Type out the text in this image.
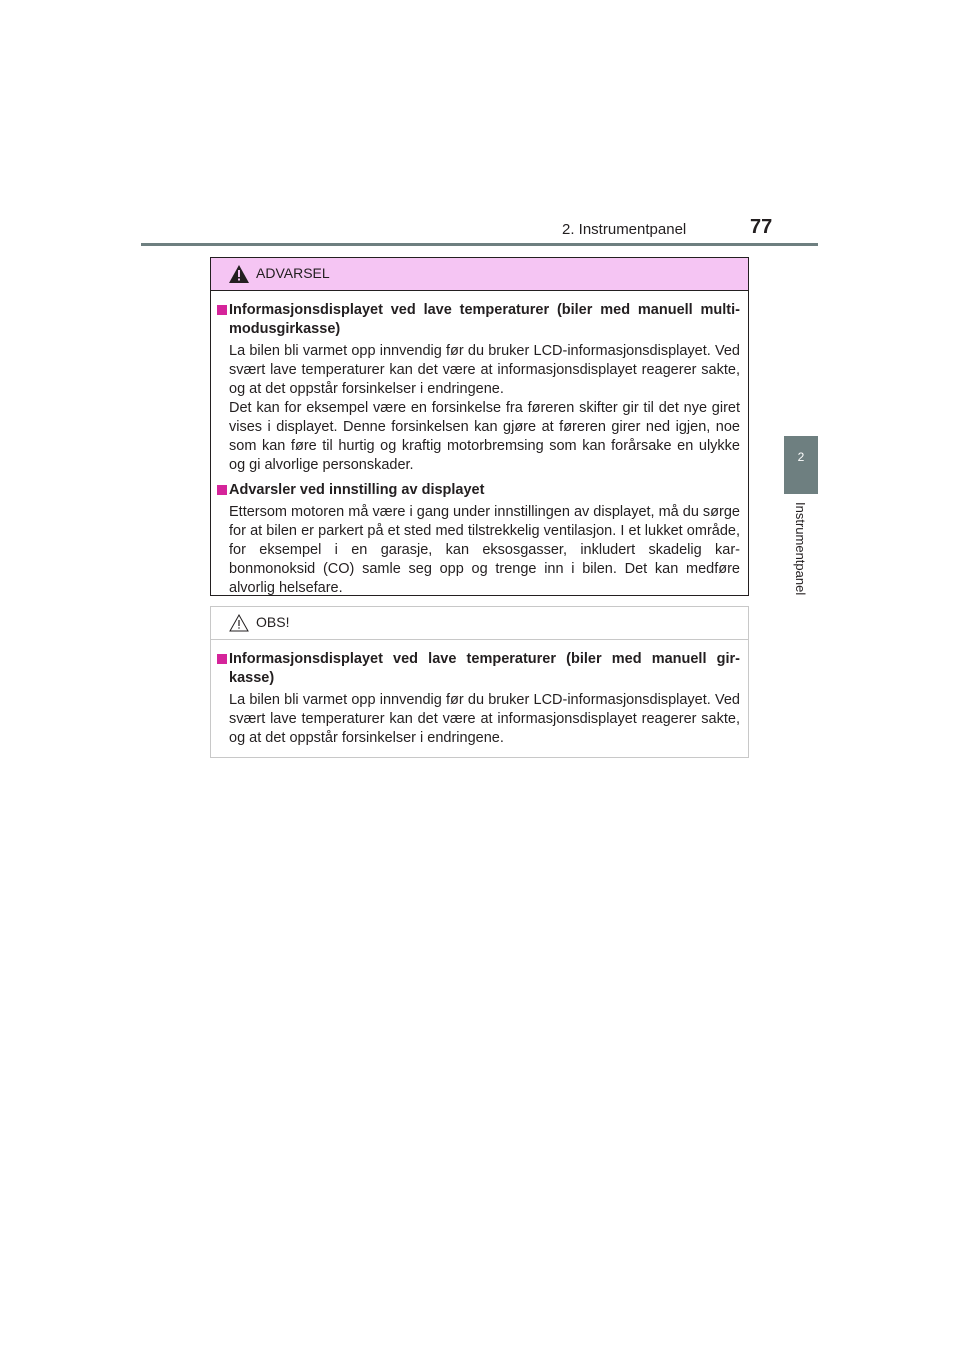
2. Instrumentpanel	77
2
Instrumentpanel
ADVARSEL
Informasjonsdisplayet ved lave temperaturer (biler med manuell multi-modusgirkasse)

La bilen bli varmet opp innvendig før du bruker LCD-informasjonsdisplayet. Ved svært lave temperaturer kan det være at informasjonsdisplayet reagerer sakte, og at det oppstår forsinkelser i endringene.

Det kan for eksempel være en forsinkelse fra føreren skifter gir til det nye giret vises i displayet. Denne forsinkelsen kan gjøre at føreren girer ned igjen, noe som kan føre til hurtig og kraftig motorbremsing som kan forårsake en ulykke og gi alvorlige personskader.

Advarsler ved innstilling av displayet

Ettersom motoren må være i gang under innstillingen av displayet, må du sørge for at bilen er parkert på et sted med tilstrekkelig ventilasjon. I et lukket område, for eksempel i en garasje, kan eksosgasser, inkludert skadelig kar-bonmonoksid (CO) samle seg opp og trenge inn i bilen. Det kan medføre alvorlig helsefare.

OBS!
Informasjonsdisplayet ved lave temperaturer (biler med manuell gir-kasse)

La bilen bli varmet opp innvendig før du bruker LCD-informasjonsdisplayet. Ved svært lave temperaturer kan det være at informasjonsdisplayet reagerer sakte, og at det oppstår forsinkelser i endringene.
